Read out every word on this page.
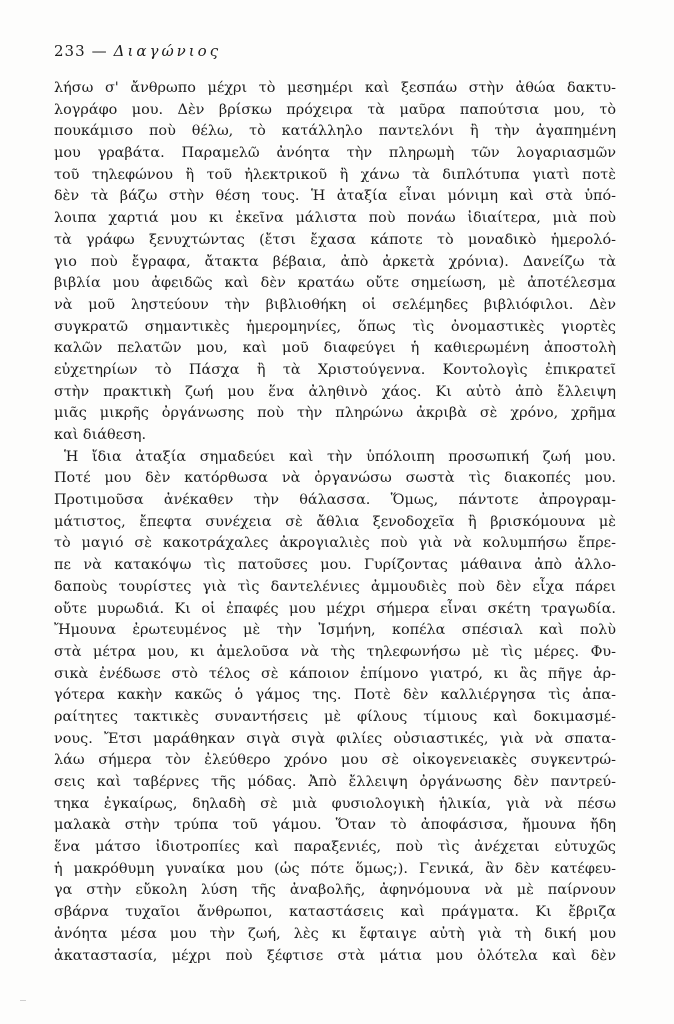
233 — Διαγώνιος
λήσω σ' ἄνθρωπο μέχρι τὸ μεσημέρι καὶ ξεσπάω στὴν ἀθώα δακτυ-
λογράφο μου. Δὲν βρίσκω πρόχειρα τὰ μαῦρα παπούτσια μου, τὸ
πουκάμισο ποὺ θέλω, τὸ κατάλληλο παντελόνι ἢ τὴν ἀγαπημένη
μου γραβάτα. Παραμελῶ ἀνόητα τὴν πληρωμὴ τῶν λογαριασμῶν
τοῦ τηλεφώνου ἢ τοῦ ἠλεκτρικοῦ ἢ χάνω τὰ διπλότυπα γιατὶ ποτὲ
δὲν τὰ βάζω στὴν θέση τους. Ἡ ἀταξία εἶναι μόνιμη καὶ στὰ ὑπό-
λοιπα χαρτιά μου κι ἐκεῖνα μάλιστα ποὺ πονάω ἰδιαίτερα, μιὰ ποὺ
τὰ γράφω ξενυχτώντας (ἔτσι ἔχασα κάποτε τὸ μοναδικὸ ἡμερολό-
γιο ποὺ ἔγραφα, ἄτακτα βέβαια, ἀπὸ ἀρκετὰ χρόνια). Δανείζω τὰ
βιβλία μου ἀφειδῶς καὶ δὲν κρατάω οὔτε σημείωση, μὲ ἀποτέλεσμα
νὰ μοῦ ληστεύουν τὴν βιβλιοθήκη οἱ σελέμηδες βιβλιόφιλοι. Δὲν
συγκρατῶ σημαντικὲς ἡμερομηνίες, ὅπως τὶς ὀνομαστικὲς γιορτὲς
καλῶν πελατῶν μου, καὶ μοῦ διαφεύγει ἡ καθιερωμένη ἀποστολὴ
εὐχετηρίων τὸ Πάσχα ἢ τὰ Χριστούγεννα. Κοντολογὶς ἐπικρατεῖ
στὴν πρακτικὴ ζωή μου ἕνα ἀληθινὸ χάος. Κι αὐτὸ ἀπὸ ἔλλειψη
μιᾶς μικρῆς ὀργάνωσης ποὺ τὴν πληρώνω ἀκριβὰ σὲ χρόνο, χρῆμα
καὶ διάθεση.
Ἡ ἴδια ἀταξία σημαδεύει καὶ τὴν ὑπόλοιπη προσωπική ζωή μου.
Ποτέ μου δὲν κατόρθωσα νὰ ὀργανώσω σωστὰ τὶς διακοπές μου.
Προτιμοῦσα ἀνέκαθεν τὴν θάλασσα. Ὅμως, πάντοτε ἀπρογραμ-
μάτιστος, ἔπεφτα συνέχεια σὲ ἄθλια ξενοδοχεῖα ἢ βρισκόμουνα μὲ
τὸ μαγιό σὲ κακοτράχαλες ἀκρογιαλιὲς ποὺ γιὰ νὰ κολυμπήσω ἔπρε-
πε νὰ κατακόψω τὶς πατοῦσες μου. Γυρίζοντας μάθαινα ἀπὸ ἀλλο-
δαποὺς τουρίστες γιὰ τὶς δαντελένιες ἀμμουδιὲς ποὺ δὲν εἶχα πάρει
οὔτε μυρωδιά. Κι οἱ ἐπαφές μου μέχρι σήμερα εἶναι σκέτη τραγωδία.
Ἤμουνα ἐρωτευμένος μὲ τὴν Ἰσμήνη, κοπέλα σπέσιαλ καὶ πολὺ
στὰ μέτρα μου, κι ἀμελοῦσα νὰ τὴς τηλεφωνήσω μὲ τὶς μέρες. Φυ-
σικὰ ἐνέδωσε στὸ τέλος σὲ κάποιον ἐπίμονο γιατρό, κι ἂς πῆγε ἀρ-
γότερα κακὴν κακῶς ὁ γάμος της. Ποτὲ δὲν καλλιέργησα τὶς ἀπα-
ραίτητες τακτικὲς συναντήσεις μὲ φίλους τίμιους καὶ δοκιμασμέ-
νους. Ἔτσι μαράθηκαν σιγὰ σιγὰ φιλίες οὐσιαστικές, γιὰ νὰ σπατα-
λάω σήμερα τὸν ἐλεύθερο χρόνο μου σὲ οἰκογενειακὲς συγκεντρώ-
σεις καὶ ταβέρνες τῆς μόδας. Ἀπὸ ἔλλειψη ὀργάνωσης δὲν παντρεύ-
τηκα ἐγκαίρως, δηλαδὴ σὲ μιὰ φυσιολογικὴ ἡλικία, γιὰ νὰ πέσω
μαλακὰ στὴν τρύπα τοῦ γάμου. Ὅταν τὸ ἀποφάσισα, ἤμουνα ἤδη
ἕνα μάτσο ἰδιοτροπίες καὶ παραξενιές, ποὺ τὶς ἀνέχεται εὐτυχῶς
ἡ μακρόθυμη γυναίκα μου (ὡς πότε ὅμως;). Γενικά, ἂν δὲν κατέφευ-
γα στὴν εὔκολη λύση τῆς ἀναβολῆς, ἀφηνόμουνα νὰ μὲ παίρνουν
σβάρνα τυχαῖοι ἄνθρωποι, καταστάσεις καὶ πράγματα. Κι ἔβριζα
ἀνόητα μέσα μου τὴν ζωή, λὲς κι ἔφταιγε αὐτὴ γιὰ τὴ δική μου
ἀκαταστασία, μέχρι ποὺ ξέφτισε στὰ μάτια μου ὁλότελα καὶ δὲν
